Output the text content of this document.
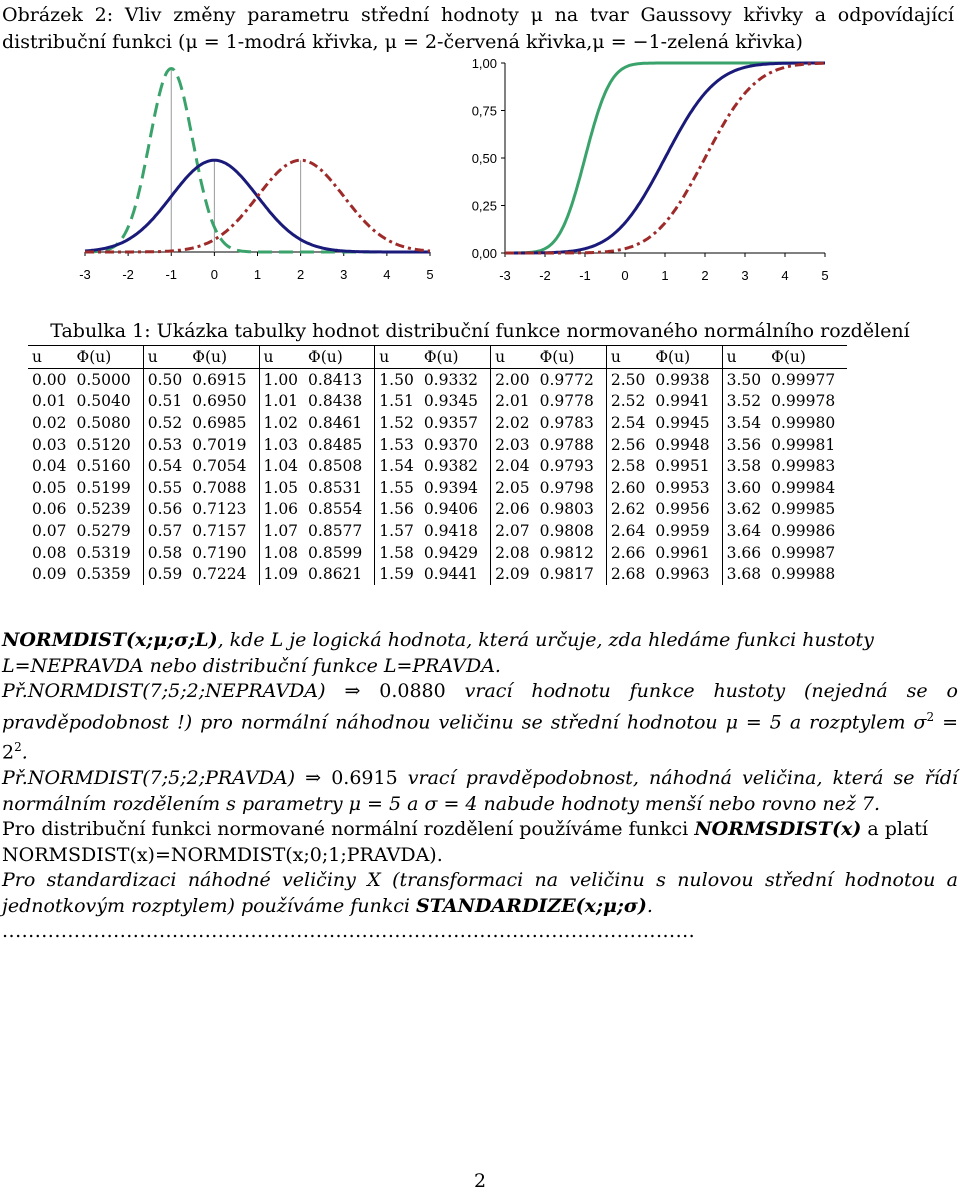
Obrázek 2: Vliv změny parametru střední hodnoty μ na tvar Gaussovy křivky a odpovídající distribuční funkci (μ = 1-modrá křivka, μ = 2-červená křivka,μ = −1-zelená křivka)
-3 -2 -1	0	1	2	3	4	5
0,00
0,25
0,50
0,75
1,00
-3 -2 -1 0	1	2	3	4	5
Tabulka 1: Ukázka tabulky hodnot distribuční funkce normovaného normálního rozdělení
u	Φ(u)	u	Φ(u)	u	Φ(u)	u	Φ(u)	u	Φ(u)	u	Φ(u)	u	Φ(u)
0.00	0.5000	0.50	0.6915	1.00	0.8413	1.50	0.9332	2.00	0.9772	2.50	0.9938	3.50	0.99977
0.01	0.5040	0.51	0.6950	1.01	0.8438	1.51	0.9345	2.01	0.9778	2.52	0.9941	3.52	0.99978
0.02	0.5080	0.52	0.6985	1.02	0.8461	1.52	0.9357	2.02	0.9783	2.54	0.9945	3.54	0.99980
0.03	0.5120	0.53	0.7019	1.03	0.8485	1.53	0.9370	2.03	0.9788	2.56	0.9948	3.56	0.99981
0.04	0.5160	0.54	0.7054	1.04	0.8508	1.54	0.9382	2.04	0.9793	2.58	0.9951	3.58	0.99983
0.05	0.5199	0.55	0.7088	1.05	0.8531	1.55	0.9394	2.05	0.9798	2.60	0.9953	3.60	0.99984
0.06	0.5239	0.56	0.7123	1.06	0.8554	1.56	0.9406	2.06	0.9803	2.62	0.9956	3.62	0.99985
0.07	0.5279	0.57	0.7157	1.07	0.8577	1.57	0.9418	2.07	0.9808	2.64	0.9959	3.64	0.99986
0.08	0.5319	0.58	0.7190	1.08	0.8599	1.58	0.9429	2.08	0.9812	2.66	0.9961	3.66	0.99987
0.09	0.5359	0.59	0.7224	1.09	0.8621	1.59	0.9441	2.09	0.9817	2.68	0.9963	3.68	0.99988
NORMDIST(x;μ;σ;L), kde L je logická hodnota, která určuje, zda hledáme funkci hustoty L=NEPRAVDA nebo distribuční funkce L=PRAVDA.
Př.NORMDIST(7;5;2;NEPRAVDA) ⇒ 0.0880 vrací hodnotu funkce hustoty (nejedná se o pravděpodobnost !) pro normální náhodnou veličinu se střední hodnotou μ = 5 a rozptylem $\sigma^2 = 2^2$.
Př.NORMDIST(7;5;2;PRAVDA) ⇒ 0.6915 vrací pravděpodobnost, náhodná veličina, která se řídí normálním rozdělením s parametry μ = 5 a σ = 4 nabude hodnoty menší nebo rovno než 7.
Pro distribuční funkci normované normální rozdělení používáme funkci NORMSDIST(x) a platí NORMSDIST(x)=NORMDIST(x;0;1;PRAVDA).
Pro standardizaci náhodné veličiny X (transformaci na veličinu s nulovou střední hodnotou a jednotkovým rozptylem) používáme funkci STANDARDIZE(x;μ;σ).
..........................................................................................................
2
